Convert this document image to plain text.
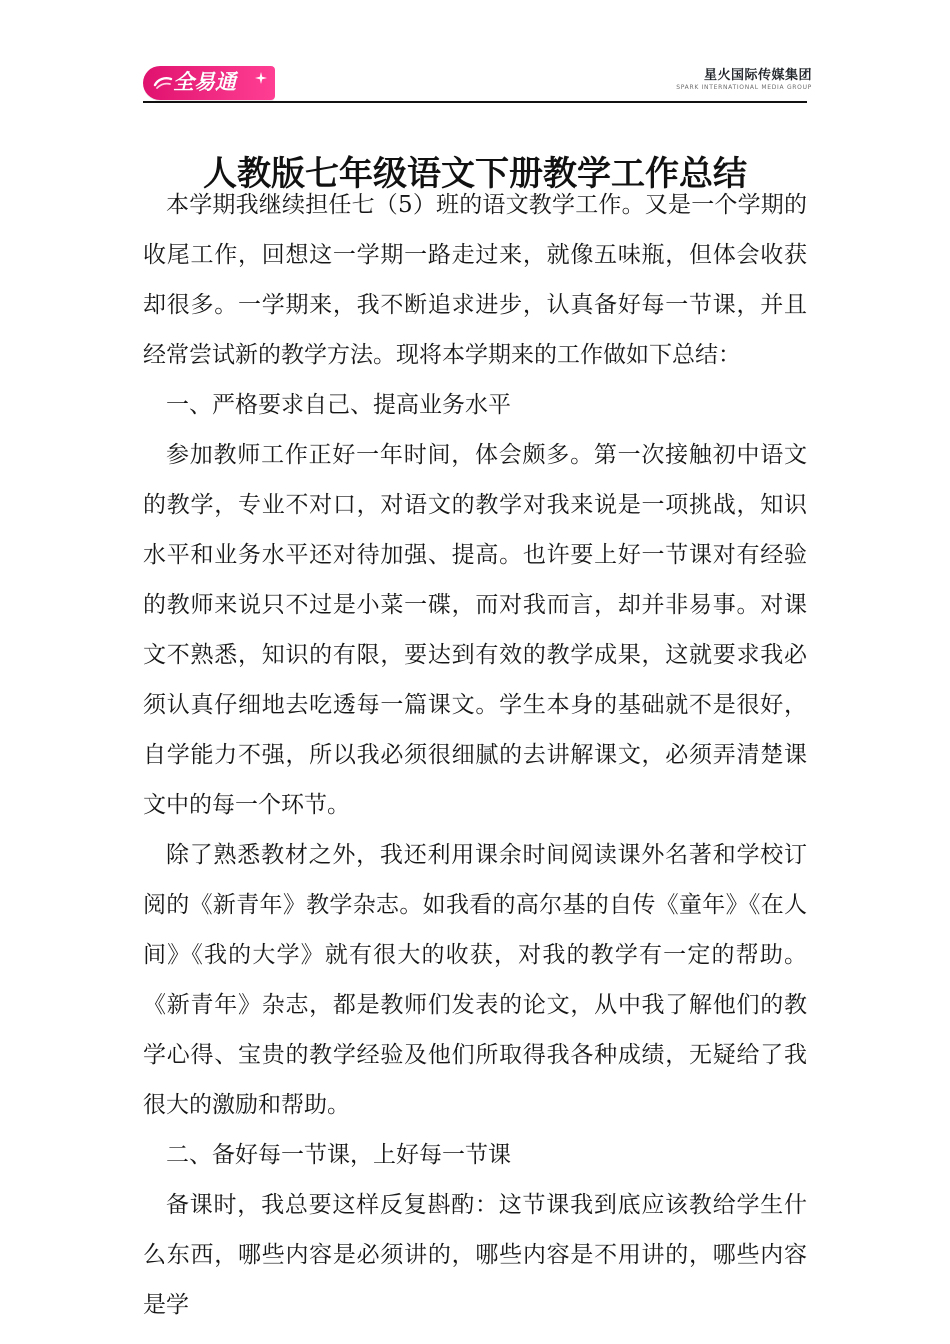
全易通	星火国际传媒集团
SPARK INTERNATIONAL MEDIA GROUP
人教版七年级语文下册教学工作总结

本学期我继续担任七（5）班的语文教学工作。又是一个学期的收尾工作，回想这一学期一路走过来，就像五味瓶，但体会收获却很多。一学期来，我不断追求进步，认真备好每一节课，并且经常尝试新的教学方法。现将本学期来的工作做如下总结：

一、严格要求自己、提高业务水平

参加教师工作正好一年时间，体会颇多。第一次接触初中语文的教学，专业不对口，对语文的教学对我来说是一项挑战，知识水平和业务水平还对待加强、提高。也许要上好一节课对有经验的教师来说只不过是小菜一碟，而对我而言，却并非易事。对课文不熟悉，知识的有限，要达到有效的教学成果，这就要求我必须认真仔细地去吃透每一篇课文。学生本身的基础就不是很好，自学能力不强，所以我必须很细腻的去讲解课文，必须弄清楚课文中的每一个环节。

除了熟悉教材之外，我还利用课余时间阅读课外名著和学校订阅的《新青年》教学杂志。如我看的高尔基的自传《童年》《在人间》《我的大学》就有很大的收获，对我的教学有一定的帮助。《新青年》杂志，都是教师们发表的论文，从中我了解他们的教学心得、宝贵的教学经验及他们所取得我各种成绩，无疑给了我很大的激励和帮助。

二、备好每一节课，上好每一节课

备课时，我总要这样反复斟酌：这节课我到底应该教给学生什么东西，哪些内容是必须讲的，哪些内容是不用讲的，哪些内容是学
